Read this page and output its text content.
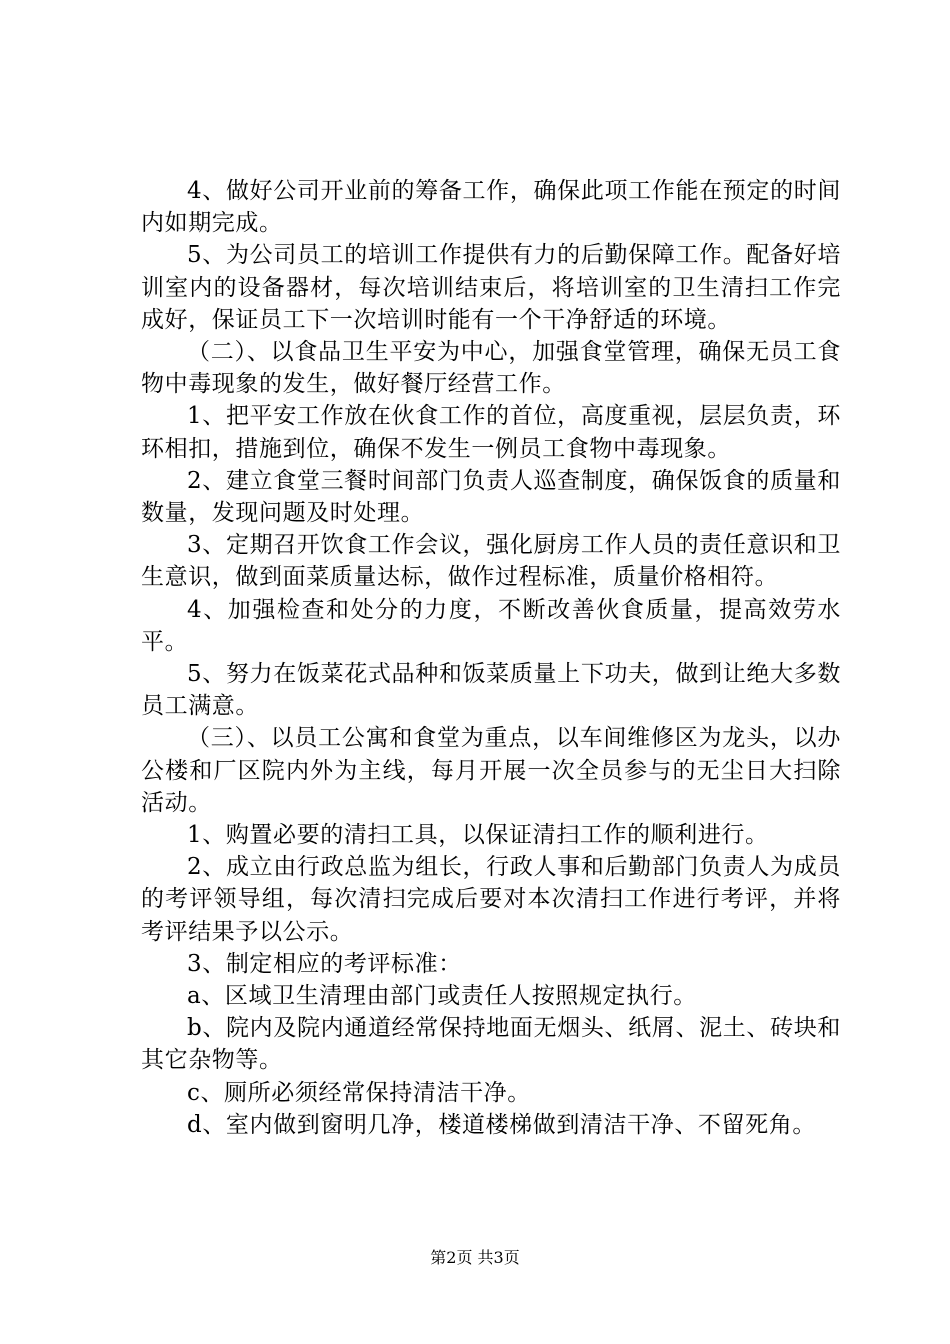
4、做好公司开业前的筹备工作，确保此项工作能在预定的时间内如期完成。

5、为公司员工的培训工作提供有力的后勤保障工作。配备好培训室内的设备器材，每次培训结束后，将培训室的卫生清扫工作完成好，保证员工下一次培训时能有一个干净舒适的环境。

（二）、以食品卫生平安为中心，加强食堂管理，确保无员工食物中毒现象的发生，做好餐厅经营工作。

1、把平安工作放在伙食工作的首位，高度重视，层层负责，环环相扣，措施到位，确保不发生一例员工食物中毒现象。

2、建立食堂三餐时间部门负责人巡查制度，确保饭食的质量和数量，发现问题及时处理。

3、定期召开饮食工作会议，强化厨房工作人员的责任意识和卫生意识，做到面菜质量达标，做作过程标准，质量价格相符。

4、加强检查和处分的力度，不断改善伙食质量，提高效劳水平。

5、努力在饭菜花式品种和饭菜质量上下功夫，做到让绝大多数员工满意。

（三）、以员工公寓和食堂为重点，以车间维修区为龙头，以办公楼和厂区院内外为主线，每月开展一次全员参与的无尘日大扫除活动。

1、购置必要的清扫工具，以保证清扫工作的顺利进行。

2、成立由行政总监为组长，行政人事和后勤部门负责人为成员的考评领导组，每次清扫完成后要对本次清扫工作进行考评，并将考评结果予以公示。

3、制定相应的考评标准：

a、区域卫生清理由部门或责任人按照规定执行。

b、院内及院内通道经常保持地面无烟头、纸屑、泥土、砖块和其它杂物等。

c、厕所必须经常保持清洁干净。

d、室内做到窗明几净，楼道楼梯做到清洁干净、不留死角。

第2页 共3页
